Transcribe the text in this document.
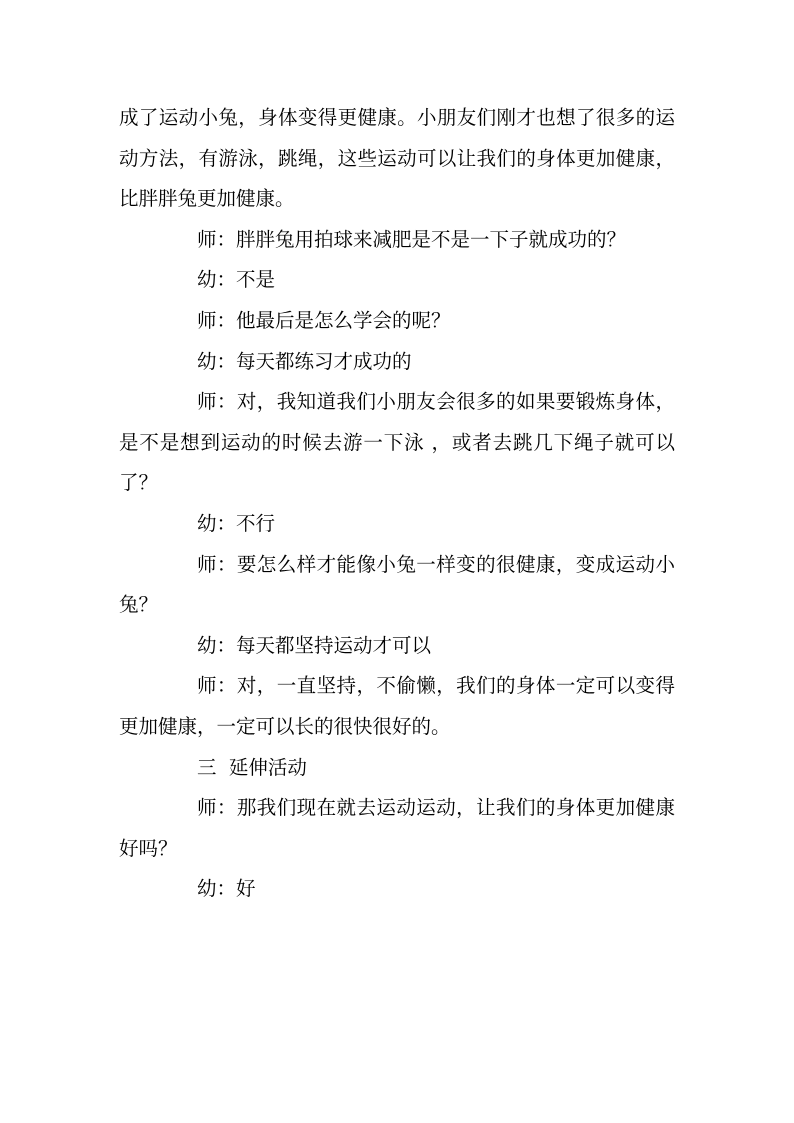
成了运动小兔，身体变得更健康。小朋友们刚才也想了很多的运动方法，有游泳，跳绳，这些运动可以让我们的身体更加健康，比胖胖兔更加健康。

师：胖胖兔用拍球来减肥是不是一下子就成功的？

幼：不是

师：他最后是怎么学会的呢？

幼：每天都练习才成功的

师：对，我知道我们小朋友会很多的如果要锻炼身体，是不是想到运动的时候去游一下泳 ，或者去跳几下绳子就可以了？

幼：不行

师：要怎么样才能像小兔一样变的很健康，变成运动小兔？

幼：每天都坚持运动才可以

师：对，一直坚持，不偷懒，我们的身体一定可以变得更加健康，一定可以长的很快很好的。

三  延伸活动

师：那我们现在就去运动运动，让我们的身体更加健康好吗？

幼：好
